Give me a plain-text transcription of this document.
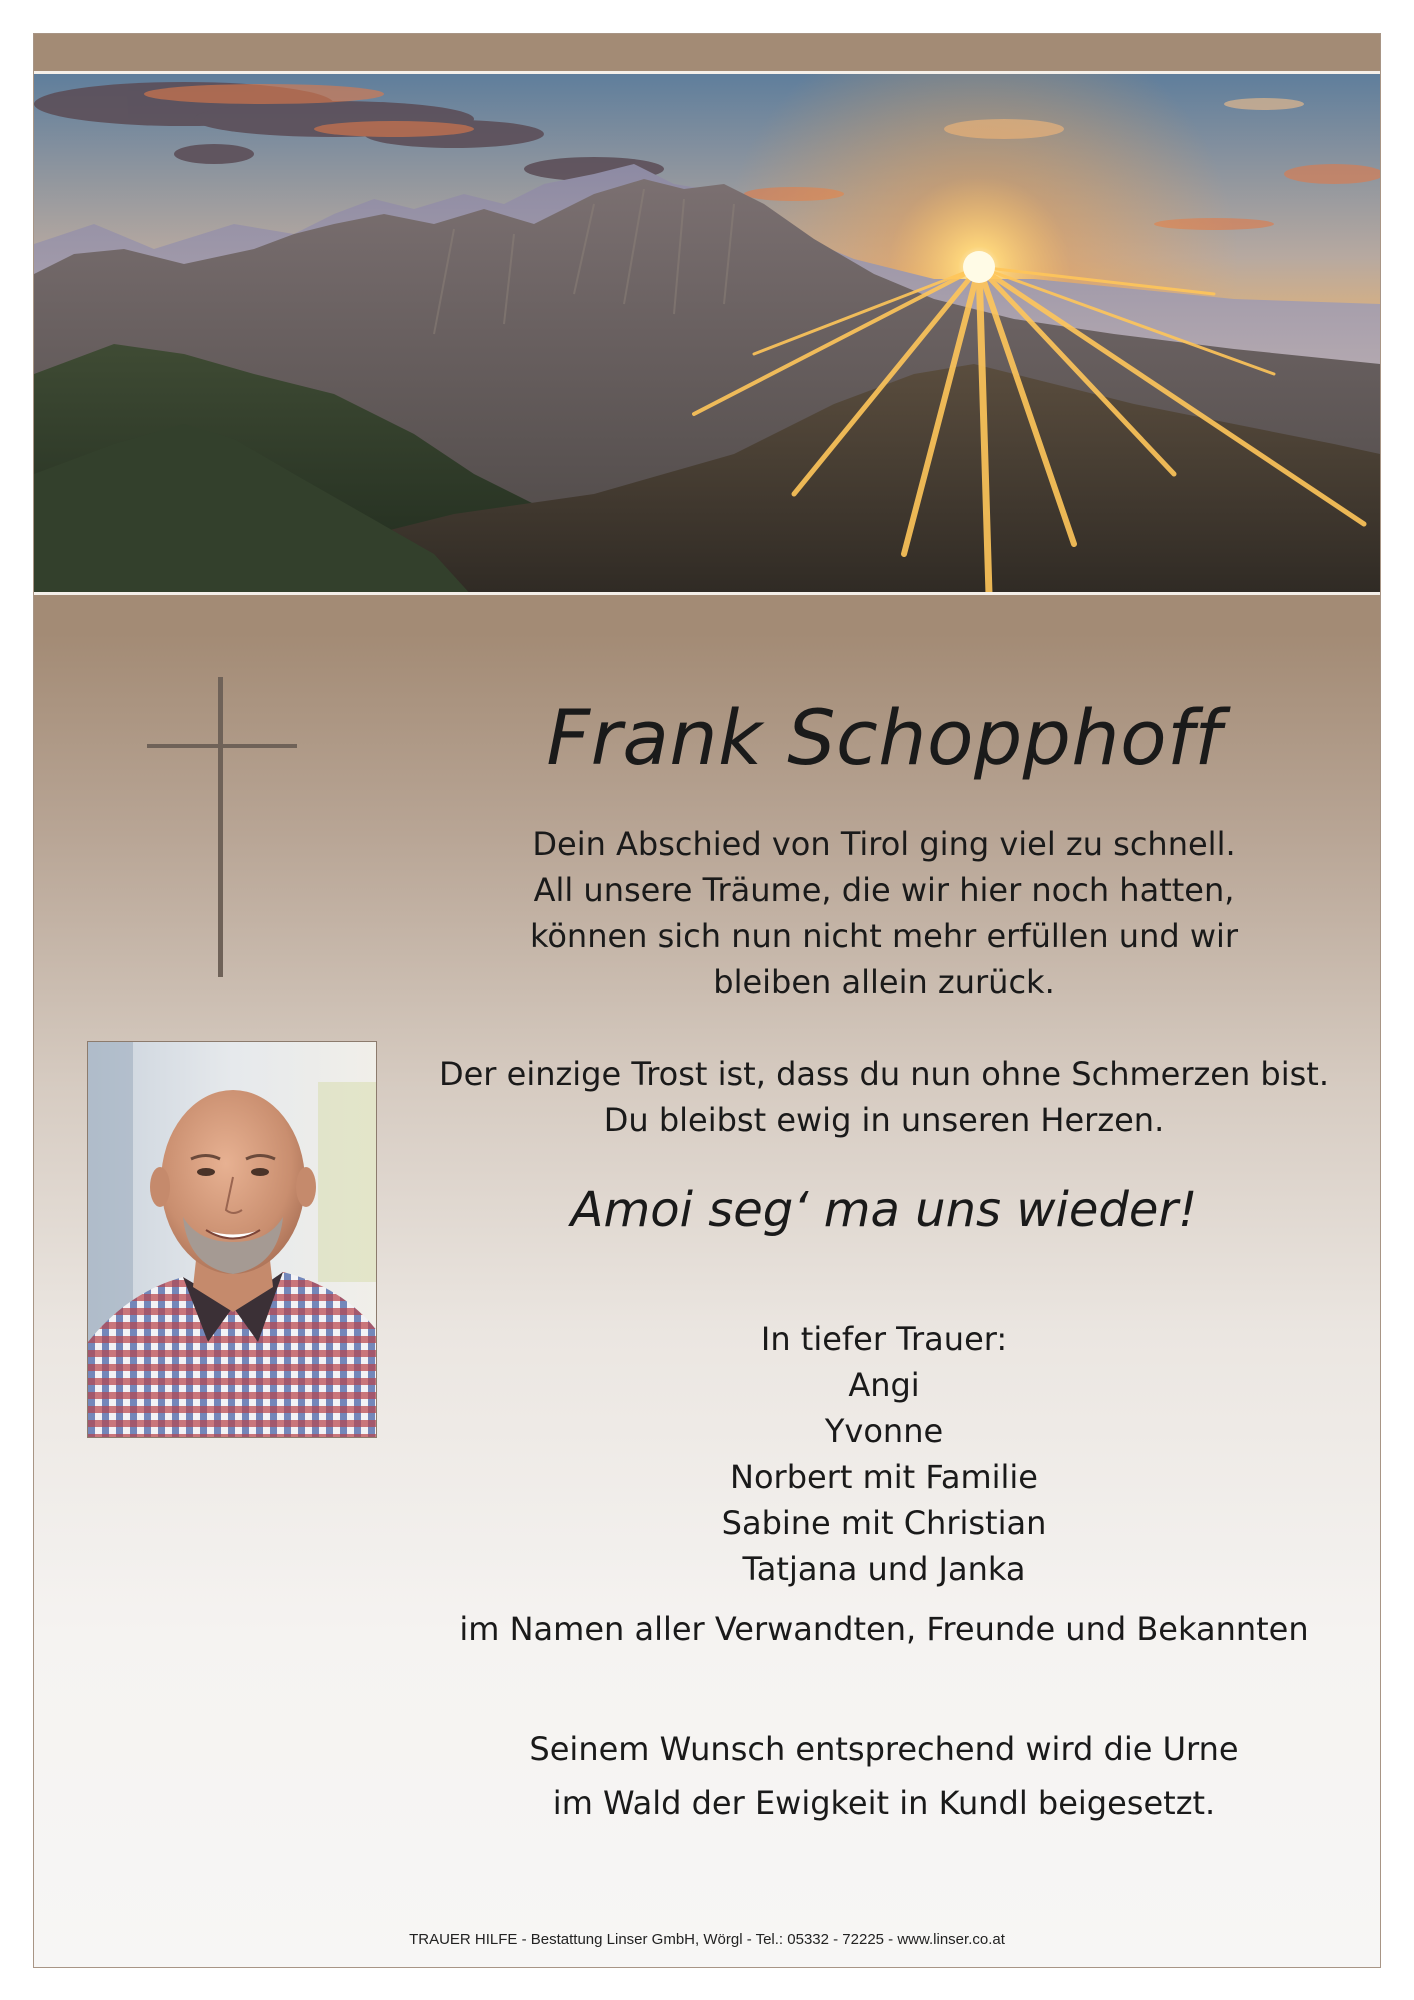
Frank Schopphoff
Dein Abschied von Tirol ging viel zu schnell.
All unsere Träume, die wir hier noch hatten,
können sich nun nicht mehr erfüllen und wir
bleiben allein zurück.
Der einzige Trost ist, dass du nun ohne Schmerzen bist.
Du bleibst ewig in unseren Herzen.
Amoi seg‘ ma uns wieder!
In tiefer Trauer:
Angi
Yvonne
Norbert mit Familie
Sabine mit Christian
Tatjana und Janka
im Namen aller Verwandten, Freunde und Bekannten
Seinem Wunsch entsprechend wird die Urne
im Wald der Ewigkeit in Kundl beigesetzt.
TRAUER HILFE - Bestattung Linser GmbH, Wörgl - Tel.: 05332 - 72225 - www.linser.co.at
